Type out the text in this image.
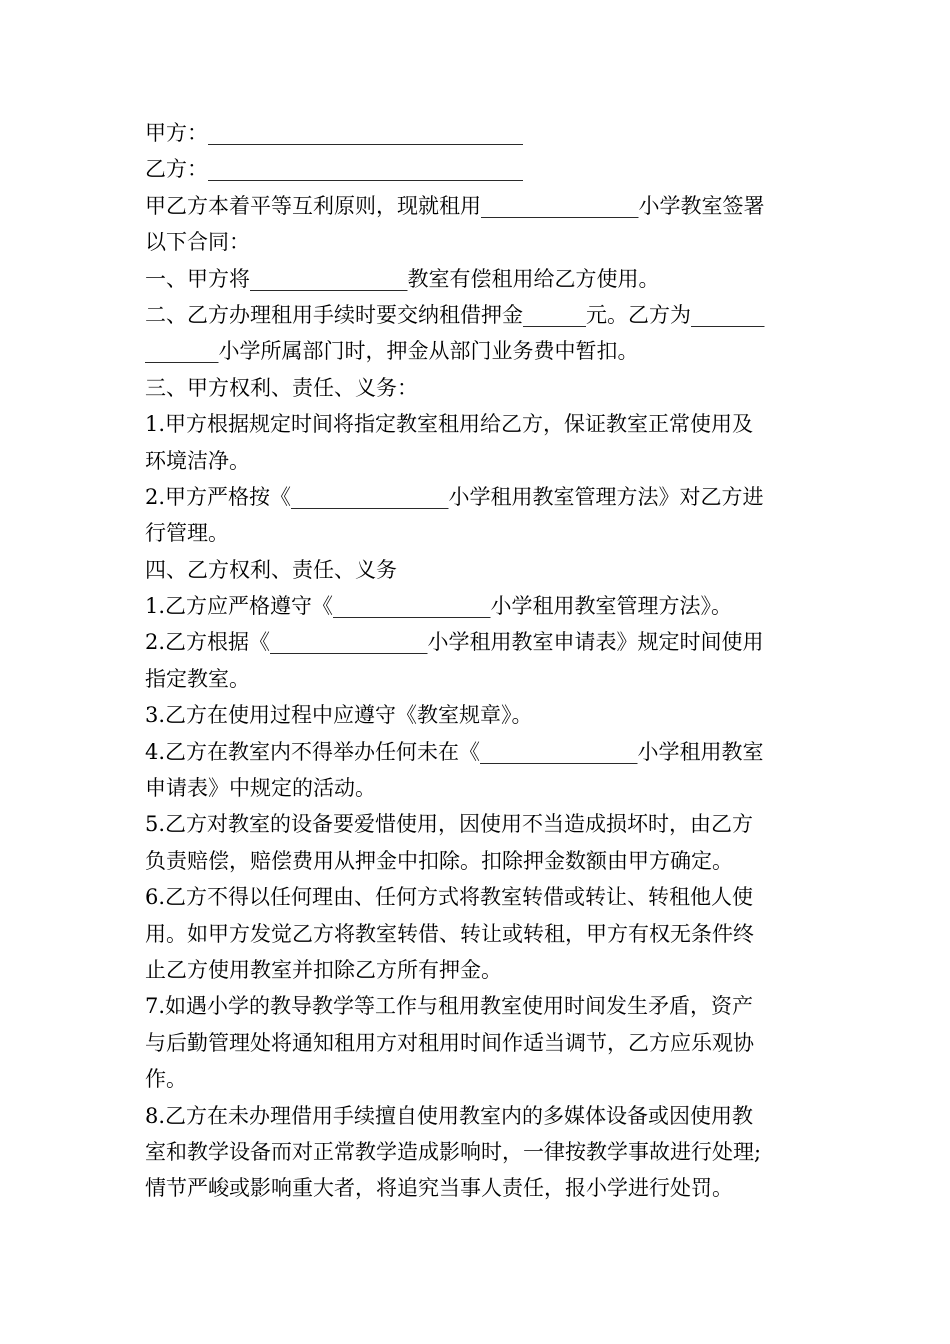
甲方：______________________________
乙方：______________________________
甲乙方本着平等互利原则，现就租用_______________小学教室签署
以下合同：
一、甲方将_______________教室有偿租用给乙方使用。
二、乙方办理租用手续时要交纳租借押金______元。乙方为_______
_______小学所属部门时，押金从部门业务费中暂扣。
三、甲方权利、责任、义务：
1.甲方根据规定时间将指定教室租用给乙方，保证教室正常使用及
环境洁净。
2.甲方严格按《_______________小学租用教室管理方法》对乙方进
行管理。
四、乙方权利、责任、义务
1.乙方应严格遵守《_______________小学租用教室管理方法》。
2.乙方根据《_______________小学租用教室申请表》规定时间使用
指定教室。
3.乙方在使用过程中应遵守《教室规章》。
4.乙方在教室内不得举办任何未在《_______________小学租用教室
申请表》中规定的活动。
5.乙方对教室的设备要爱惜使用，因使用不当造成损坏时，由乙方
负责赔偿，赔偿费用从押金中扣除。扣除押金数额由甲方确定。
6.乙方不得以任何理由、任何方式将教室转借或转让、转租他人使
用。如甲方发觉乙方将教室转借、转让或转租，甲方有权无条件终
止乙方使用教室并扣除乙方所有押金。
7.如遇小学的教导教学等工作与租用教室使用时间发生矛盾，资产
与后勤管理处将通知租用方对租用时间作适当调节，乙方应乐观协
作。
8.乙方在未办理借用手续擅自使用教室内的多媒体设备或因使用教
室和教学设备而对正常教学造成影响时，一律按教学事故进行处理;
情节严峻或影响重大者，将追究当事人责任，报小学进行处罚。
